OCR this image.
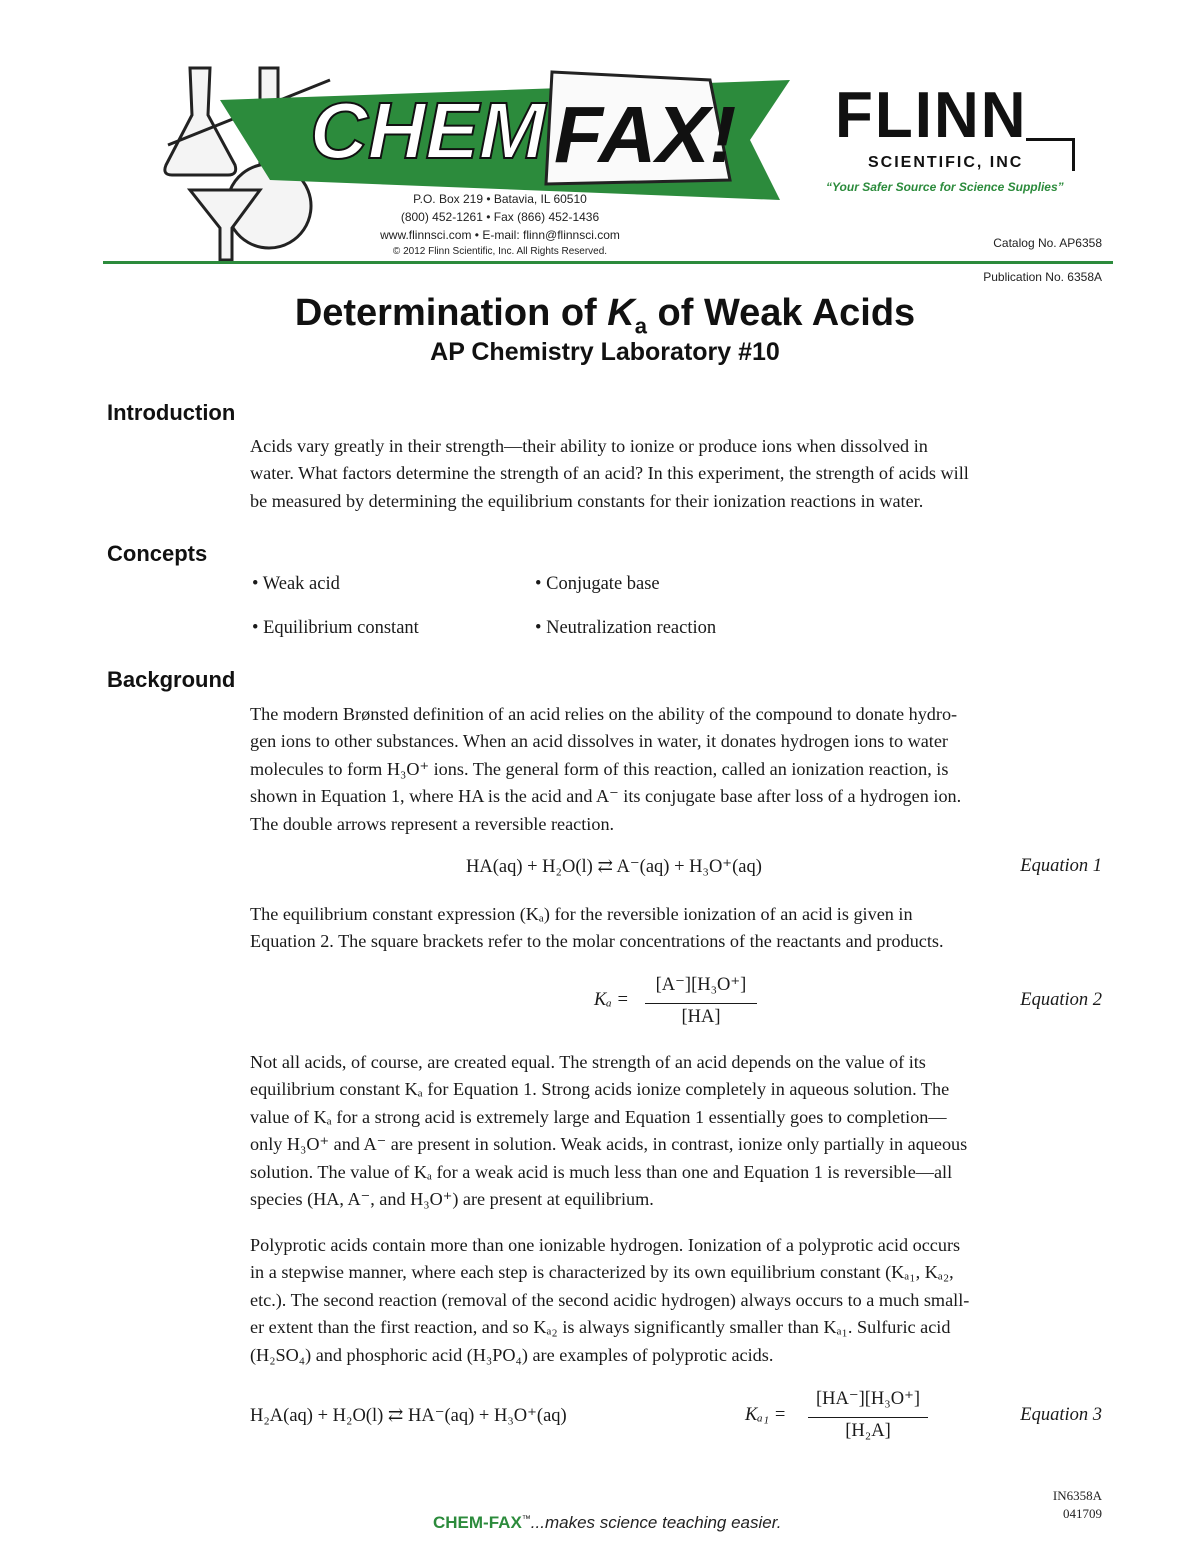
CHEM FAX!
P.O. Box 219 • Batavia, IL 60510
(800) 452-1261 • Fax (866) 452-1436
www.flinnsci.com • E-mail: flinn@flinnsci.com
© 2012 Flinn Scientific, Inc. All Rights Reserved.
FLINN
SCIENTIFIC, INC
“Your Safer Source for Science Supplies”
Catalog No. AP6358
Publication No. 6358A
Determination of $K_a$ of Weak Acids
AP Chemistry Laboratory #10
Introduction
Acids vary greatly in their strength—their ability to ionize or produce ions when dissolved in
water. What factors determine the strength of an acid? In this experiment, the strength of acids will
be measured by determining the equilibrium constants for their ionization reactions in water.
Concepts
• Weak acid	• Conjugate base
• Equilibrium constant	• Neutralization reaction
Background
The modern Brønsted definition of an acid relies on the ability of the compound to donate hydro-
gen ions to other substances. When an acid dissolves in water, it donates hydrogen ions to water
molecules to form H₃O⁺ ions. The general form of this reaction, called an ionization reaction, is
shown in Equation 1, where HA is the acid and A⁻ its conjugate base after loss of a hydrogen ion.
The double arrows represent a reversible reaction.
HA(aq) + H₂O(l) ⇄ A⁻(aq) + H₃O⁺(aq)	Equation 1
The equilibrium constant expression (Kₐ) for the reversible ionization of an acid is given in
Equation 2. The square brackets refer to the molar concentrations of the reactants and products.
Kₐ =
[A⁻][H₃O⁺]
[HA]
Equation 2
Not all acids, of course, are created equal. The strength of an acid depends on the value of its
equilibrium constant Kₐ for Equation 1. Strong acids ionize completely in aqueous solution. The
value of Kₐ for a strong acid is extremely large and Equation 1 essentially goes to completion—
only H₃O⁺ and A⁻ are present in solution. Weak acids, in contrast, ionize only partially in aqueous
solution. The value of Kₐ for a weak acid is much less than one and Equation 1 is reversible—all
species (HA, A⁻, and H₃O⁺) are present at equilibrium.
Polyprotic acids contain more than one ionizable hydrogen. Ionization of a polyprotic acid occurs
in a stepwise manner, where each step is characterized by its own equilibrium constant (Kₐ₁, Kₐ₂,
etc.). The second reaction (removal of the second acidic hydrogen) always occurs to a much small-
er extent than the first reaction, and so Kₐ₂ is always significantly smaller than Kₐ₁. Sulfuric acid
(H₂SO₄) and phosphoric acid (H₃PO₄) are examples of polyprotic acids.
H₂A(aq) + H₂O(l) ⇄ HA⁻(aq) + H₃O⁺(aq)	Kₐ₁ =
[HA⁻][H₃O⁺]
[H₂A]
Equation 3
IN6358A
041709
CHEM-FAX™...makes science teaching easier.
